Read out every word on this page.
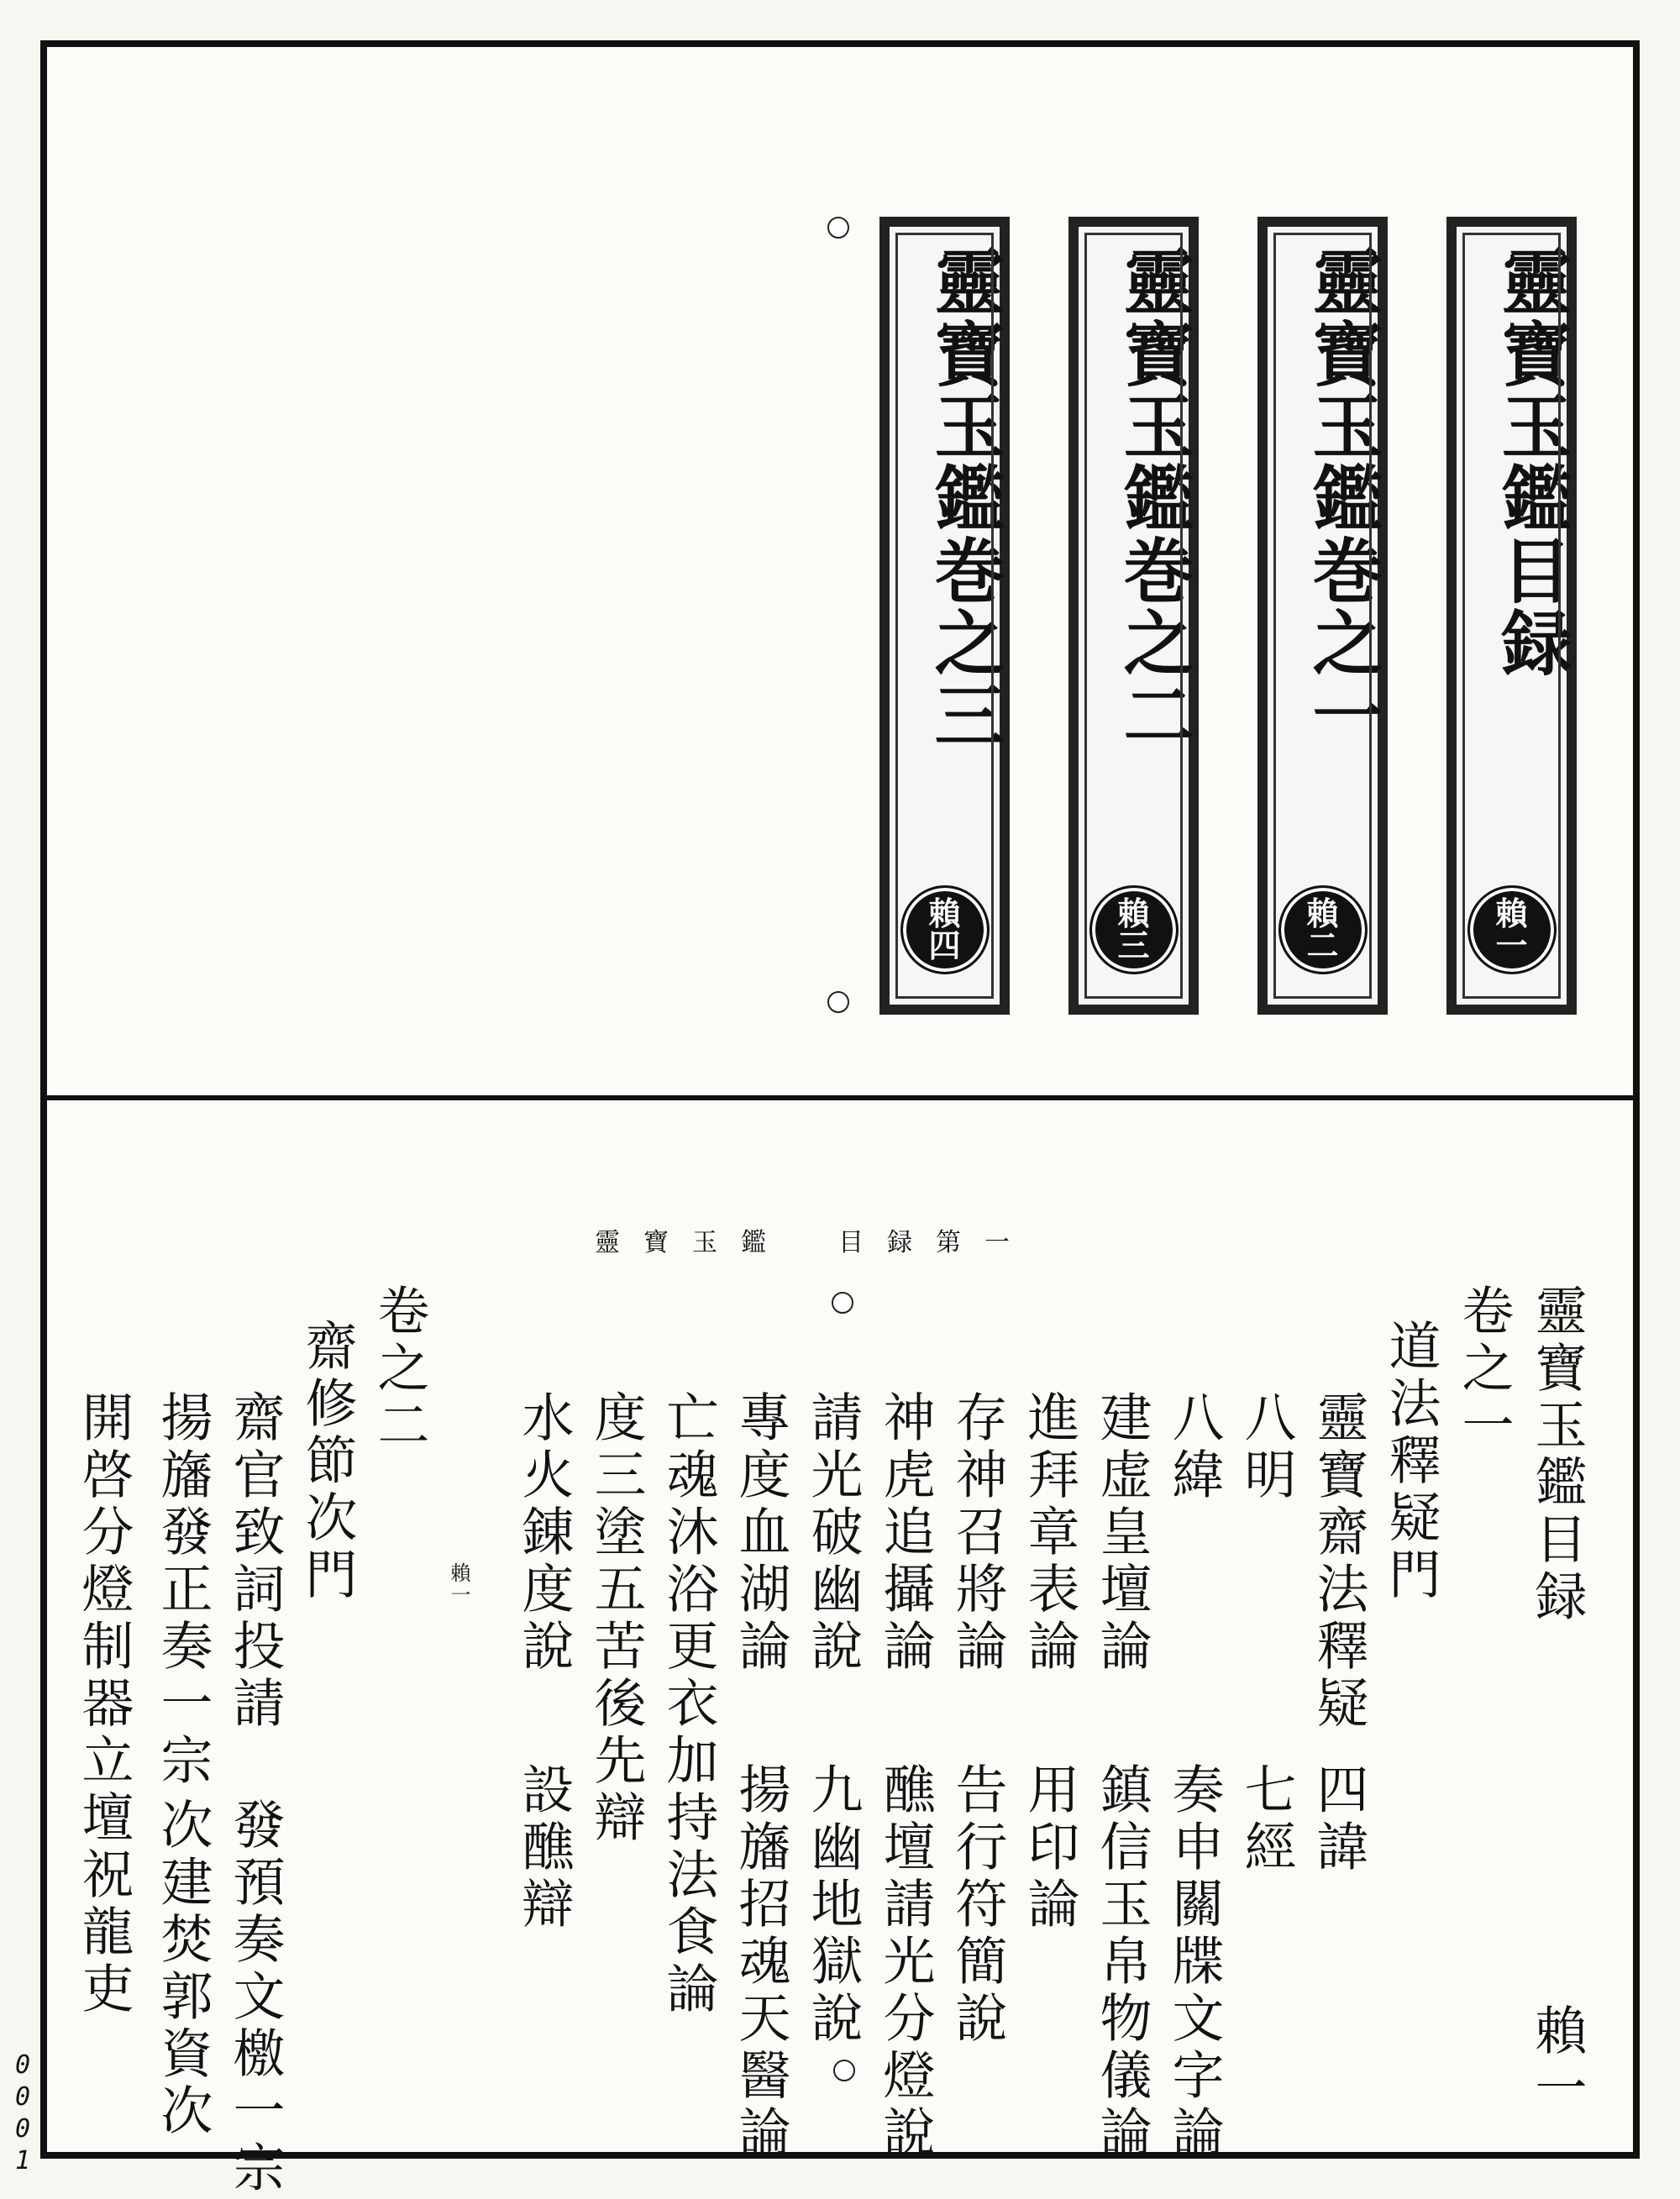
靈寶玉鑑目録
賴
一
靈寶玉鑑巻之一
賴
二
靈寶玉鑑巻之二
賴
三
靈寶玉鑑巻之三
賴
四
靈寶玉鑑　目録第一
靈寶玉鑑目録
賴一
卷之一
道法釋疑門
靈寶齋法釋疑
四諱
八明
七經
八緯
奏申關牒文字論
建虚皇壇論
鎮信玉帛物儀論
進拜章表論
用印論
存神召將論
告行符簡說
神虎追攝論
醮壇請光分燈說
請光破幽說
九幽地獄說
專度血湖論
揚旛招魂天醫論
亡魂沐浴更衣加持法食論
度三塗五苦後先辯
水火錬度說
設醮辯
賴一
卷之二
齋修節次門
齋官致詞投請
發預奏文檄一宗
揚旛發正奏一宗
次建焚郭資次
開啓分燈制器立壇祝龍吏
0001
